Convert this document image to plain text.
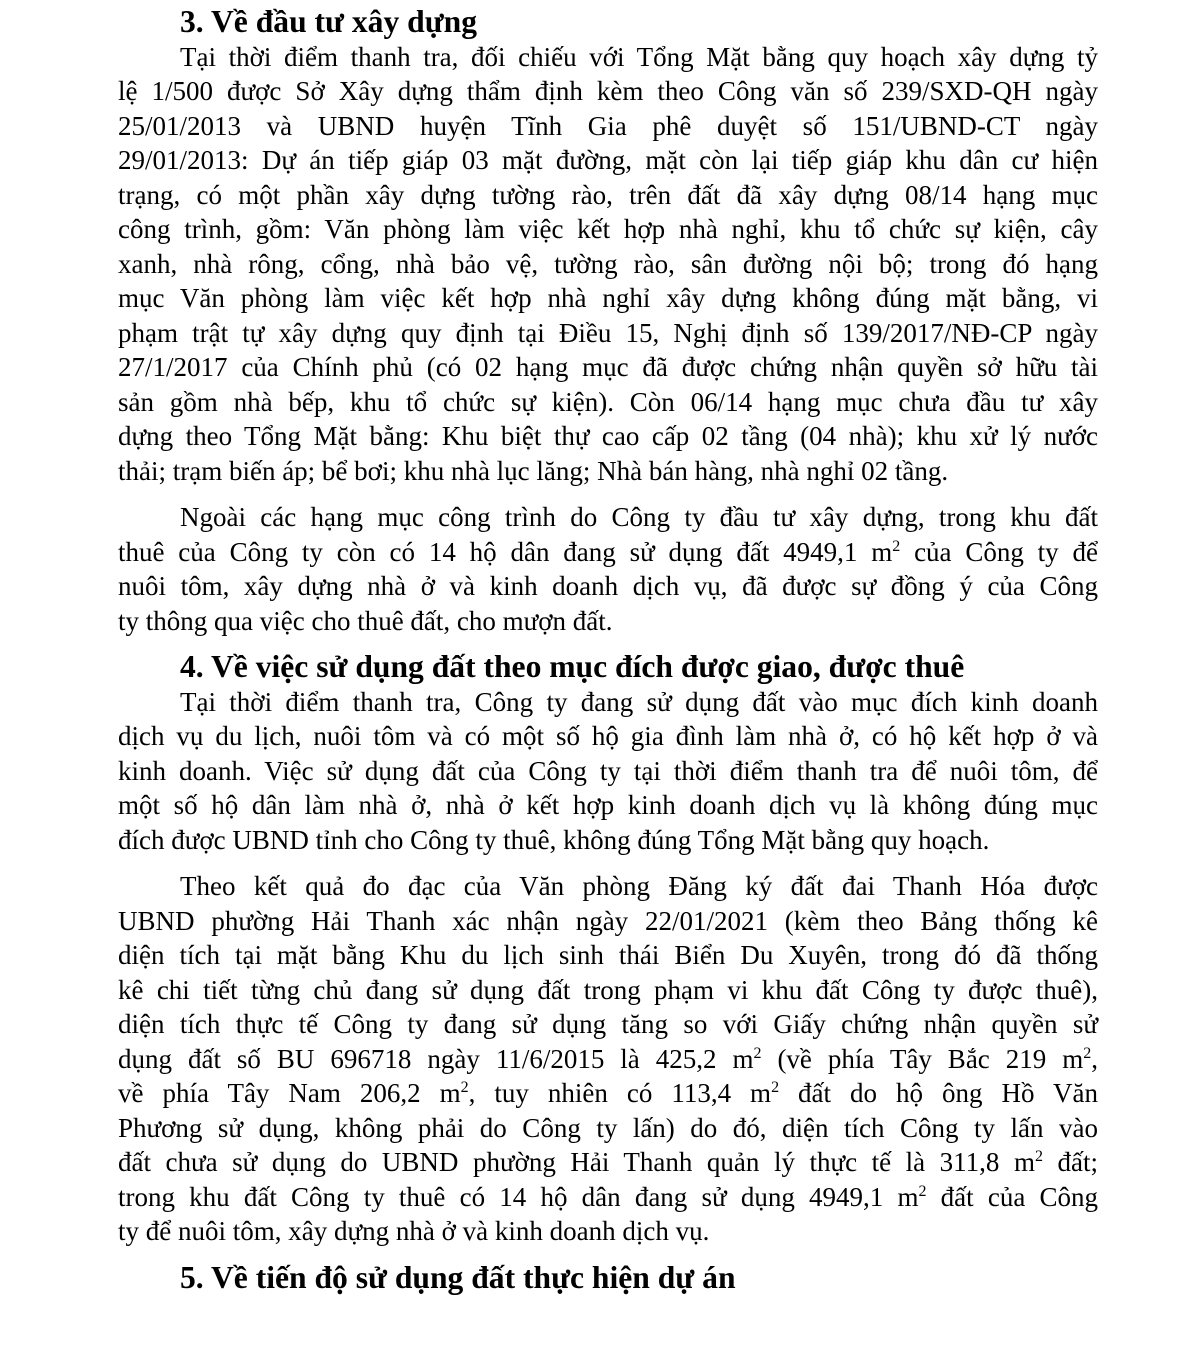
3. Về đầu tư xây dựng
Tại thời điểm thanh tra, đối chiếu với Tổng Mặt bằng quy hoạch xây dựng tỷ
lệ 1/500 được Sở Xây dựng thẩm định kèm theo Công văn số 239/SXD-QH ngày
25/01/2013 và UBND huyện Tĩnh Gia phê duyệt số 151/UBND-CT ngày
29/01/2013: Dự án tiếp giáp 03 mặt đường, mặt còn lại tiếp giáp khu dân cư hiện
trạng, có một phần xây dựng tường rào, trên đất đã xây dựng 08/14 hạng mục
công trình, gồm: Văn phòng làm việc kết hợp nhà nghỉ, khu tổ chức sự kiện, cây
xanh, nhà rông, cổng, nhà bảo vệ, tường rào, sân đường nội bộ; trong đó hạng
mục Văn phòng làm việc kết hợp nhà nghỉ xây dựng không đúng mặt bằng, vi
phạm trật tự xây dựng quy định tại Điều 15, Nghị định số 139/2017/NĐ-CP ngày
27/1/2017 của Chính phủ (có 02 hạng mục đã được chứng nhận quyền sở hữu tài
sản gồm nhà bếp, khu tổ chức sự kiện). Còn 06/14 hạng mục chưa đầu tư xây
dựng theo Tổng Mặt bằng: Khu biệt thự cao cấp 02 tầng (04 nhà); khu xử lý nước
thải; trạm biến áp; bể bơi; khu nhà lục lăng; Nhà bán hàng, nhà nghỉ 02 tầng.
Ngoài các hạng mục công trình do Công ty đầu tư xây dựng, trong khu đất
thuê của Công ty còn có 14 hộ dân đang sử dụng đất 4949,1 $m^2$ của Công ty để
nuôi tôm, xây dựng nhà ở và kinh doanh dịch vụ, đã được sự đồng ý của Công
ty thông qua việc cho thuê đất, cho mượn đất.
4. Về việc sử dụng đất theo mục đích được giao, được thuê
Tại thời điểm thanh tra, Công ty đang sử dụng đất vào mục đích kinh doanh
dịch vụ du lịch, nuôi tôm và có một số hộ gia đình làm nhà ở, có hộ kết hợp ở và
kinh doanh. Việc sử dụng đất của Công ty tại thời điểm thanh tra để nuôi tôm, để
một số hộ dân làm nhà ở, nhà ở kết hợp kinh doanh dịch vụ là không đúng mục
đích được UBND tỉnh cho Công ty thuê, không đúng Tổng Mặt bằng quy hoạch.
Theo kết quả đo đạc của Văn phòng Đăng ký đất đai Thanh Hóa được
UBND phường Hải Thanh xác nhận ngày 22/01/2021 (kèm theo Bảng thống kê
diện tích tại mặt bằng Khu du lịch sinh thái Biển Du Xuyên, trong đó đã thống
kê chi tiết từng chủ đang sử dụng đất trong phạm vi khu đất Công ty được thuê),
diện tích thực tế Công ty đang sử dụng tăng so với Giấy chứng nhận quyền sử
dụng đất số BU 696718 ngày 11/6/2015 là 425,2 $m^2$ (về phía Tây Bắc 219 $m^2$,
về phía Tây Nam 206,2 $m^2$, tuy nhiên có 113,4 $m^2$ đất do hộ ông Hồ Văn
Phương sử dụng, không phải do Công ty lấn) do đó, diện tích Công ty lấn vào
đất chưa sử dụng do UBND phường Hải Thanh quản lý thực tế là 311,8 $m^2$ đất;
trong khu đất Công ty thuê có 14 hộ dân đang sử dụng 4949,1 $m^2$ đất của Công
ty để nuôi tôm, xây dựng nhà ở và kinh doanh dịch vụ.
5. Về tiến độ sử dụng đất thực hiện dự án
